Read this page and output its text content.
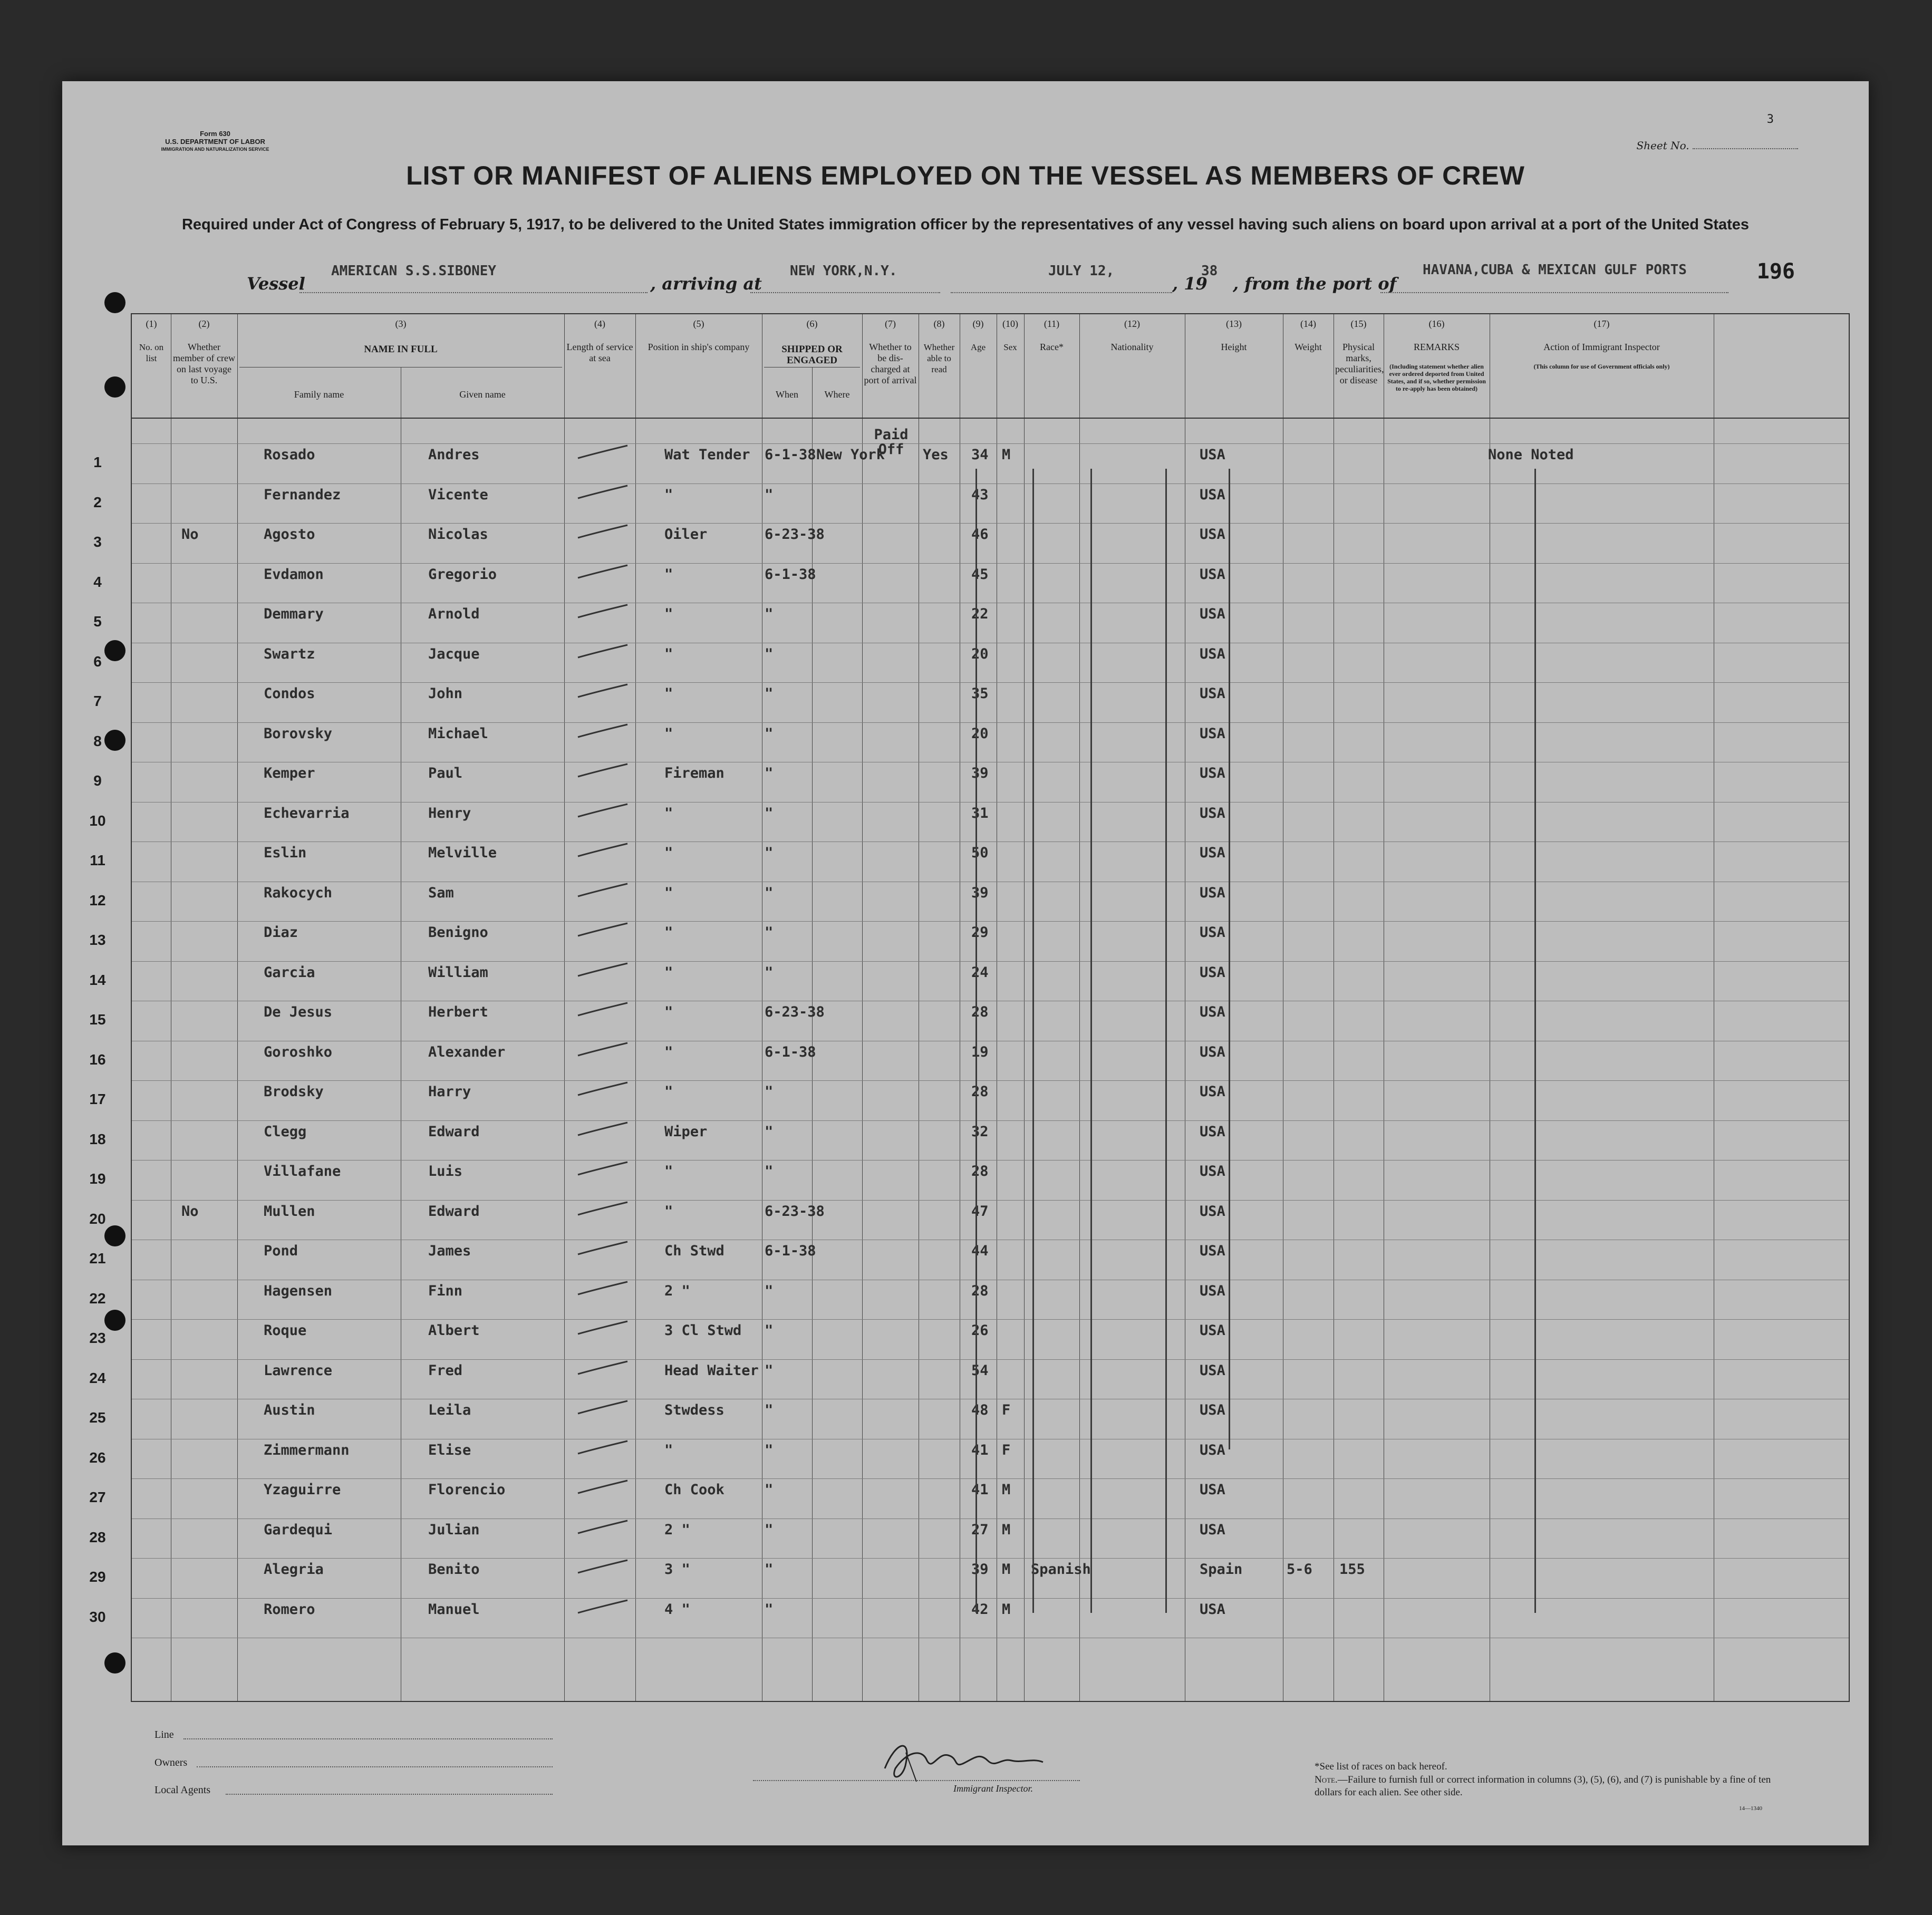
Form 630
U.S. DEPARTMENT OF LABOR
IMMIGRATION AND NATURALIZATION SERVICE
3
Sheet No.
LIST OR MANIFEST OF ALIENS EMPLOYED ON THE VESSEL AS MEMBERS OF CREW
Required under Act of Congress of February 5, 1917, to be delivered to the United States immigration officer by the representatives of any vessel having such aliens on board upon arrival at a port of the United States
Vessel
AMERICAN S.S.SIBONEY
, arriving at
NEW YORK,N.Y.	JULY 12,
, 19
38
, from the port of
HAVANA,CUBA & MEXICAN GULF PORTS	196
(1)
No. on list
(2)
Whether member of crew on last voyage to U.S.
(3)
NAME IN FULL
Family name	Given name
(4)
Length of service at sea
(5)
Position in ship's company
(6)
SHIPPED OR ENGAGED
When	Where
(7)
Whether to be dis-charged at port of arrival
(8)
Whether able to read
(9)
Age
(10)
Sex
(11)
Race*
(12)
Nationality
(13)
Height
(14)
Weight
(15)
Physical marks, peculiarities, or disease
(16)
REMARKS
(Including statement whether alien ever ordered deported from United States, and if so, whether permission to re-apply has been obtained)
(17)
Action of Immigrant Inspector
(This column for use of Government officials only)
1	Rosado	Andres	Wat Tender 6-1-38	34 M	USA
2	Fernandez	Vicente	"	"	43	USA
3	No	Agosto	Nicolas	Oiler	6-23-38	46	USA
4	Evdamon	Gregorio	"	6-1-38	45	USA
5	Demmary	Arnold	"	"	22	USA
6	Swartz	Jacque	"	"	20	USA
7	Condos	John	"	"	35	USA
8	Borovsky	Michael	"	"	20	USA
9	Kemper	Paul	Fireman	"	39	USA
10	Echevarria	Henry	"	"	31	USA
11	Eslin	Melville	"	"	50	USA
12	Rakocych	Sam	"	"	39	USA
13	Diaz	Benigno	"	"	29	USA
14	Garcia	William	"	"	24	USA
15	De Jesus	Herbert	"	6-23-38	28	USA
16	Goroshko	Alexander	"	6-1-38	19	USA
17	Brodsky	Harry	"	"	28	USA
18	Clegg	Edward	Wiper	"	32	USA
19	Villafane	Luis	"	"	28	USA
20	No	Mullen	Edward	"	6-23-38	47	USA
21	Pond	James	Ch Stwd	6-1-38	44	USA
22	Hagensen	Finn	2 "	"	28	USA
23	Roque	Albert	3 Cl Stwd "	26	USA
24	Lawrence	Fred	Head Waiter "	54	USA
25	Austin	Leila	Stwdess	"	48 F	USA
26	Zimmermann	Elise	"	"	41 F	USA
27	Yzaguirre	Florencio	Ch Cook	"	41 M	USA
28	Gardequi	Julian	2 "	"	27 M	USA
29	Alegria	Benito	3 "	"	39 M Spanish	Spain	5-6 155
30	Romero	Manuel	4 "	"	42 M	USA
New York
Paid Off	Yes	None Noted
Line
Owners
Local Agents	Immigrant Inspector.
*See list of races on back hereof.
Note.—Failure to furnish full or correct information in columns (3), (5), (6), and (7) is punishable by a fine of ten dollars for each alien. See other side.
14—1340
